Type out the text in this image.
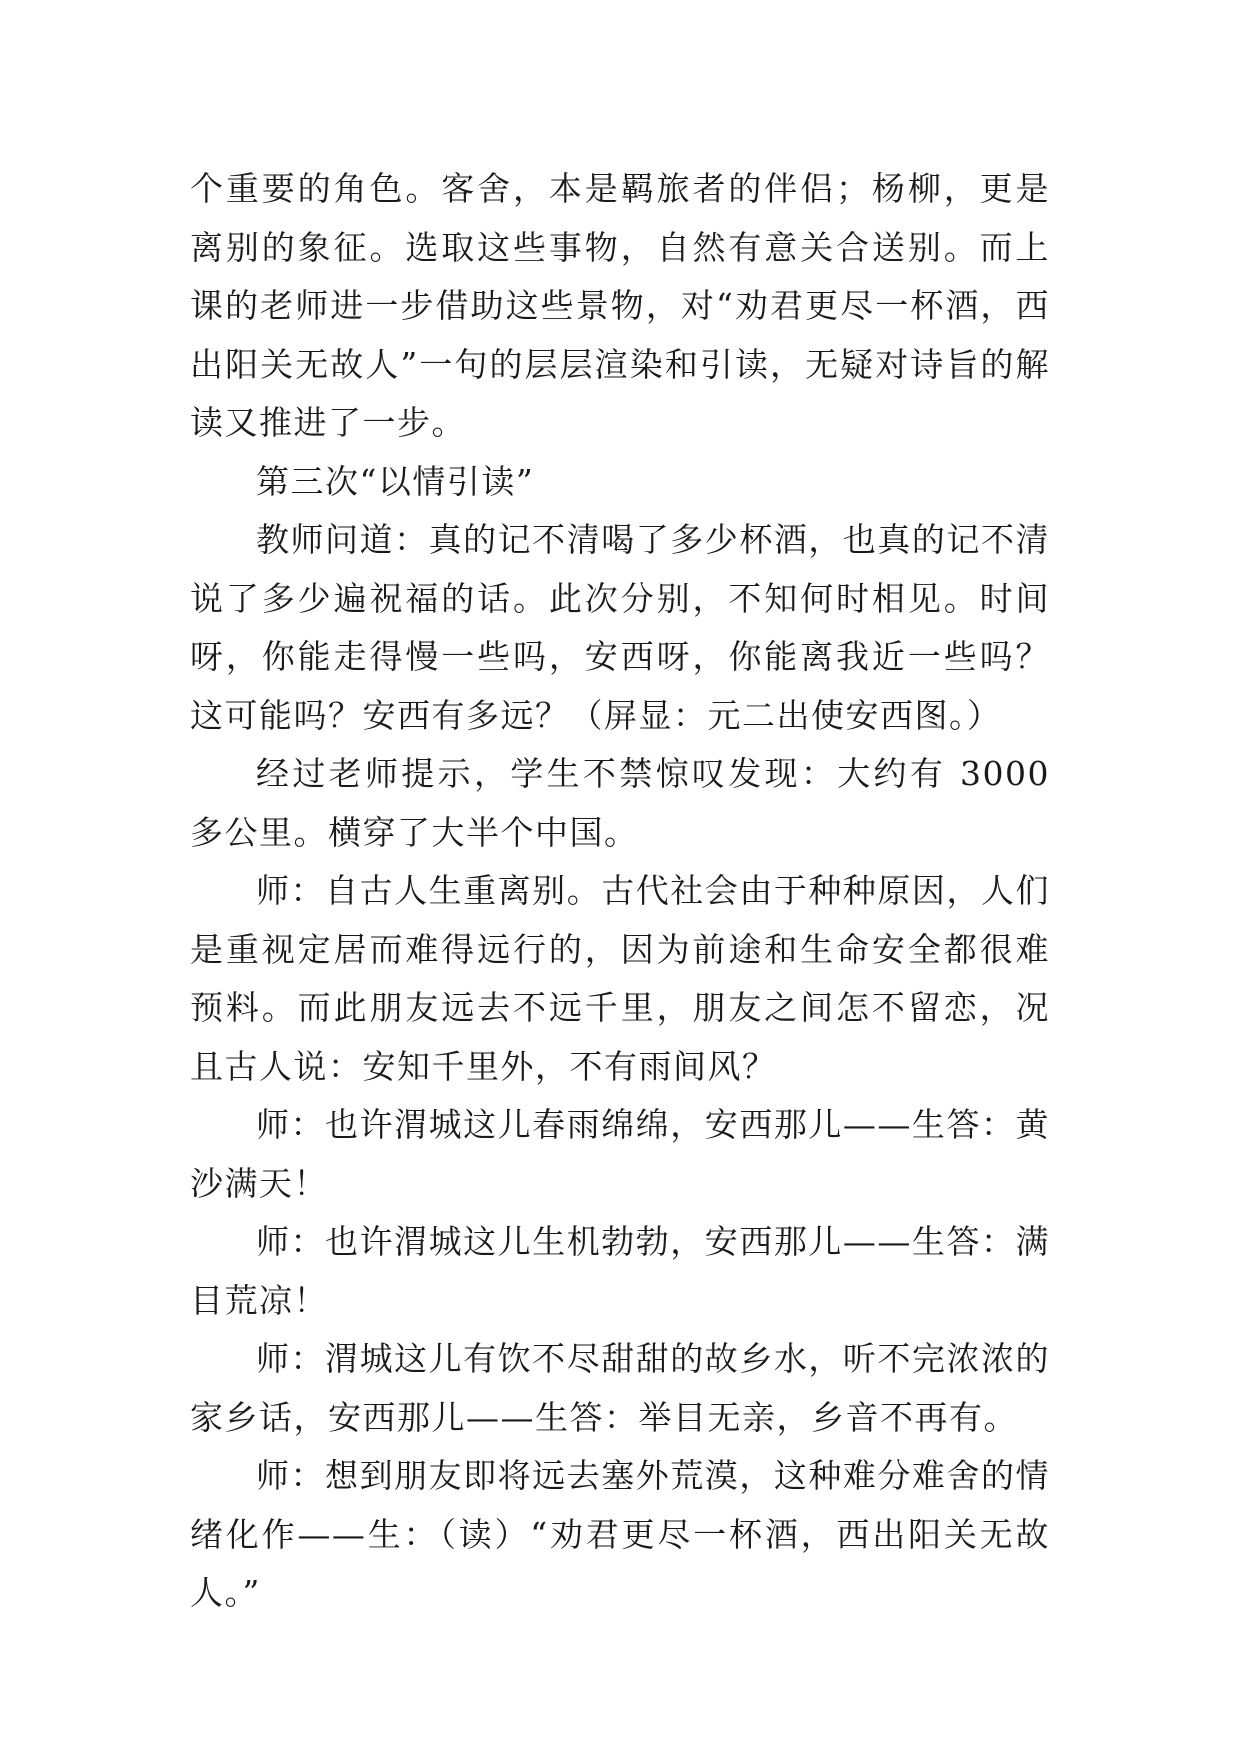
个重要的角色。客舍，本是羁旅者的伴侣；杨柳，更是离别的象征。选取这些事物，自然有意关合送别。而上课的老师进一步借助这些景物，对“劝君更尽一杯酒，西出阳关无故人”一句的层层渲染和引读，无疑对诗旨的解读又推进了一步。

第三次“以情引读”

教师问道：真的记不清喝了多少杯酒，也真的记不清说了多少遍祝福的话。此次分别，不知何时相见。时间呀，你能走得慢一些吗，安西呀，你能离我近一些吗？这可能吗？安西有多远？（屏显：元二出使安西图。）

经过老师提示，学生不禁惊叹发现：大约有 3000 多公里。横穿了大半个中国。

师：自古人生重离别。古代社会由于种种原因，人们是重视定居而难得远行的，因为前途和生命安全都很难预料。而此朋友远去不远千里，朋友之间怎不留恋，况且古人说：安知千里外，不有雨间风？

师：也许渭城这儿春雨绵绵，安西那儿——生答：黄沙满天！

师：也许渭城这儿生机勃勃，安西那儿——生答：满目荒凉！

师：渭城这儿有饮不尽甜甜的故乡水，听不完浓浓的家乡话，安西那儿——生答：举目无亲，乡音不再有。

师：想到朋友即将远去塞外荒漠，这种难分难舍的情绪化作——生：（读）“劝君更尽一杯酒，西出阳关无故人。”
